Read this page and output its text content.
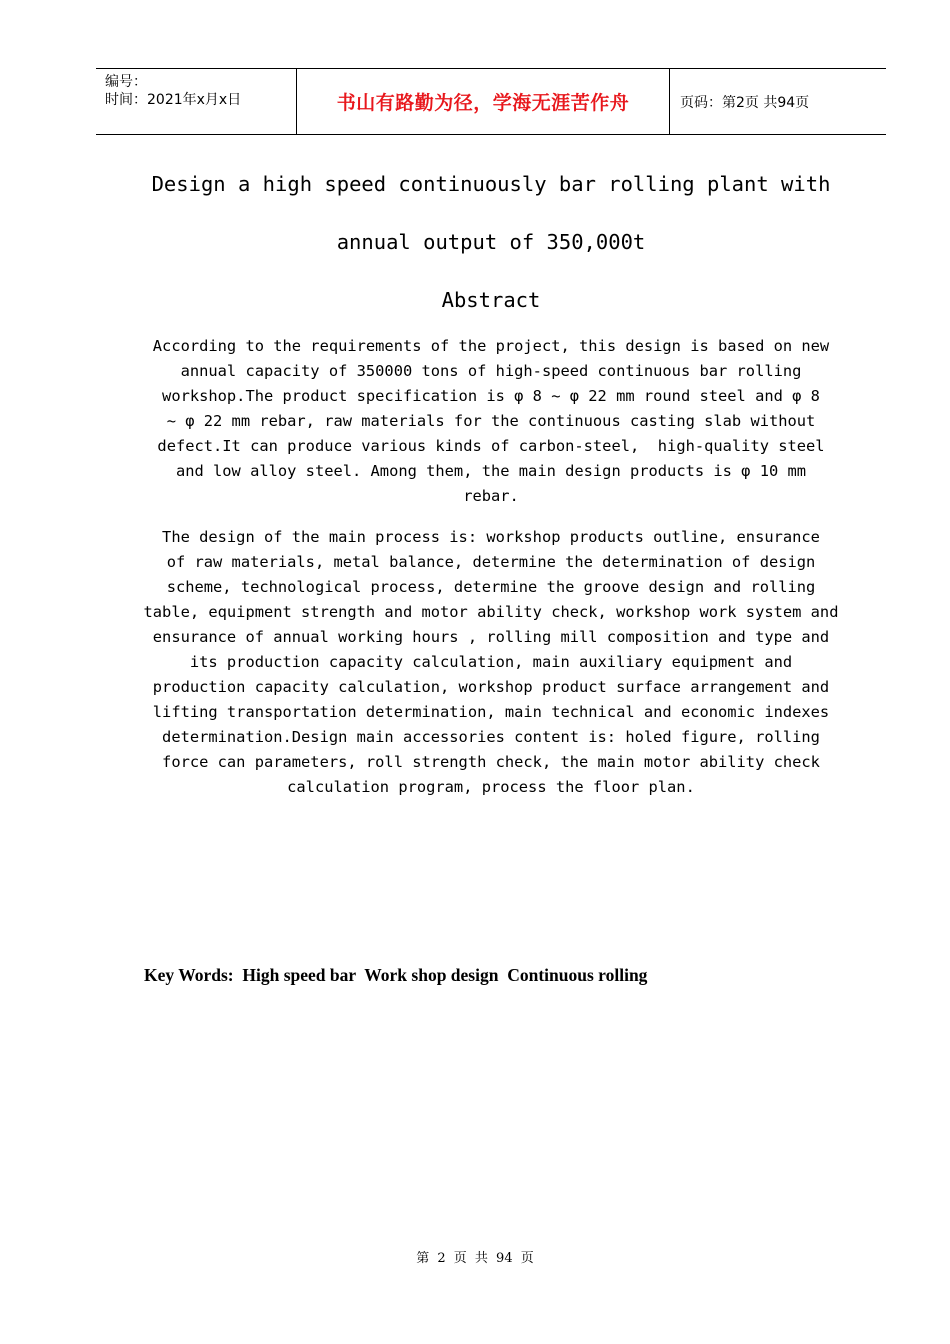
编号：
时间：2021年x月x日	书山有路勤为径，学海无涯苦作舟	页码：第2页 共94页
Design a high speed continuously bar rolling plant with
annual output of 350,000t
Abstract
According to the requirements of the project, this design is based on new
annual capacity of 350000 tons of high-speed continuous bar rolling
workshop.The product specification is φ 8 ~ φ 22 mm round steel and φ 8
~ φ 22 mm rebar, raw materials for the continuous casting slab without
defect.It can produce various kinds of carbon-steel,  high-quality steel
and low alloy steel. Among them, the main design products is φ 10 mm
rebar.
The design of the main process is: workshop products outline, ensurance
of raw materials, metal balance, determine the determination of design
scheme, technological process, determine the groove design and rolling
table, equipment strength and motor ability check, workshop work system and
ensurance of annual working hours , rolling mill composition and type and
its production capacity calculation, main auxiliary equipment and
production capacity calculation, workshop product surface arrangement and
lifting transportation determination, main technical and economic indexes
determination.Design main accessories content is: holed figure, rolling
force can parameters, roll strength check, the main motor ability check
calculation program, process the floor plan.
Key Words:  High speed bar  Work shop design  Continuous rolling
第 2 页 共 94 页
